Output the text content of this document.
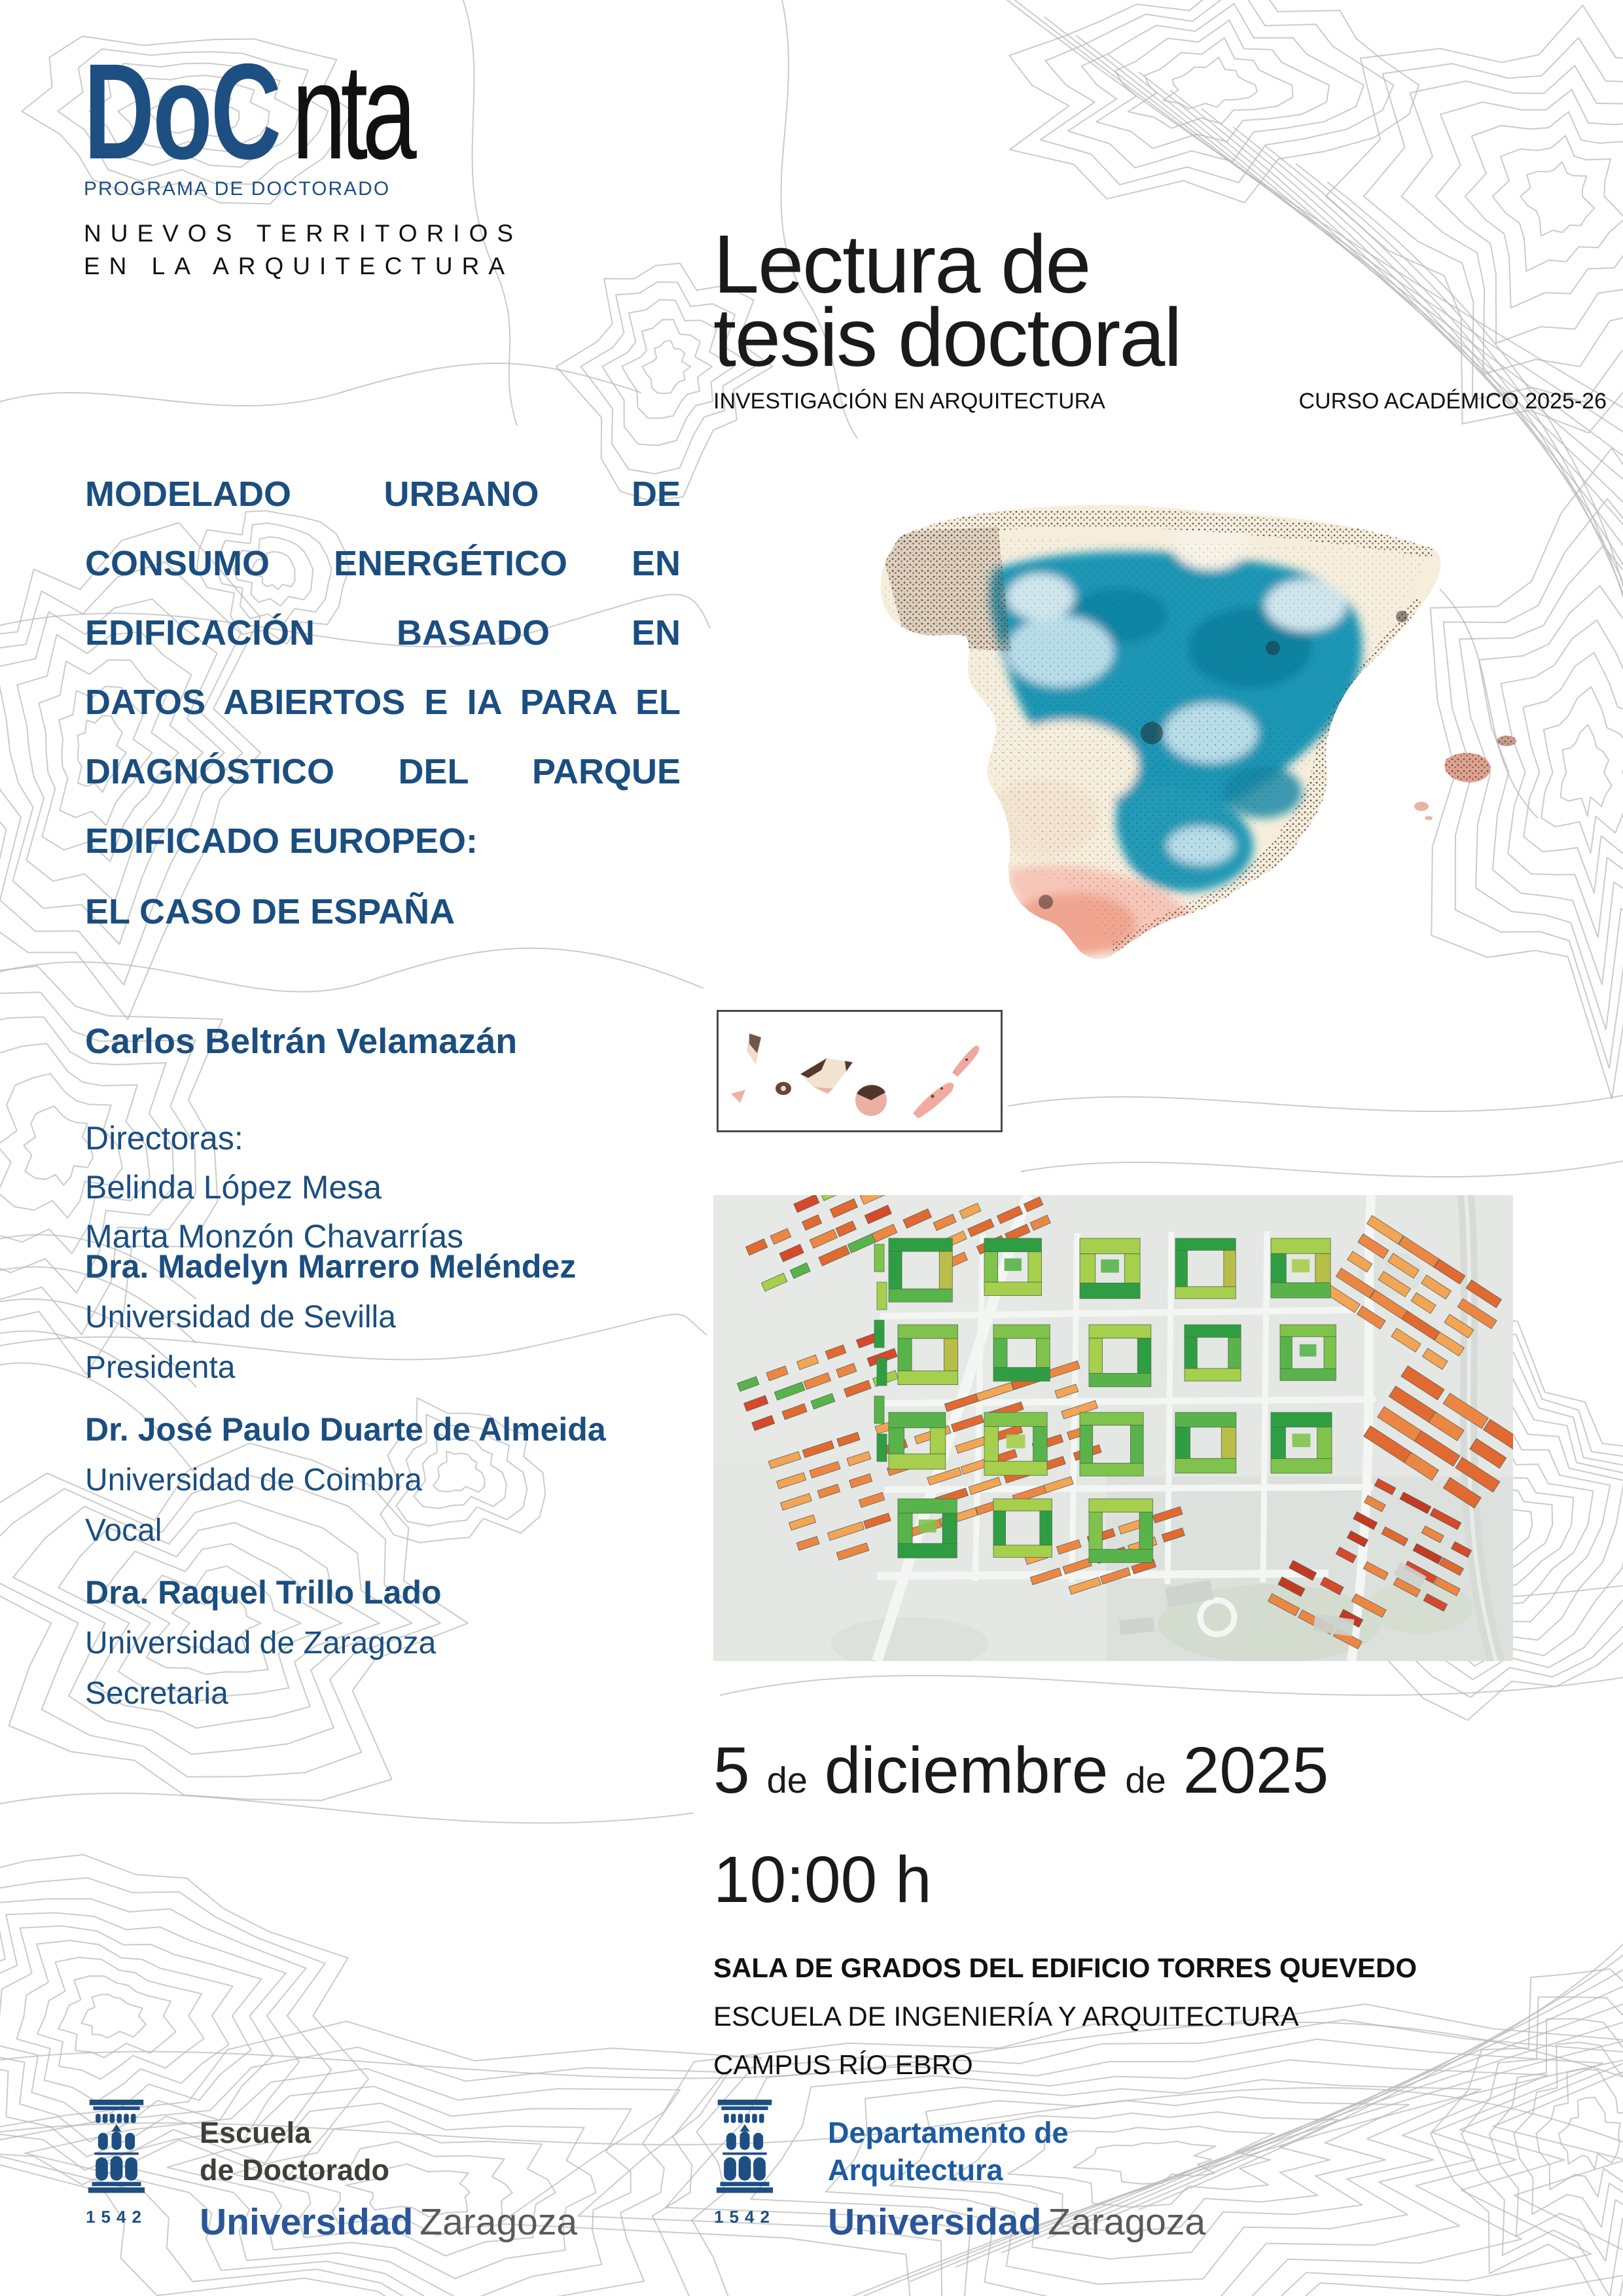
DoC nta
PROGRAMA DE DOCTORADO
NUEVOS TERRITORIOS
EN LA ARQUITECTURA Lectura de
tesis doctoral
INVESTIGACIÓN EN ARQUITECTURA	CURSO ACADÉMICO 2025-26
MODELADO URBANO DE
CONSUMO ENERGÉTICO EN
EDIFICACIÓN BASADO EN
DATOS ABIERTOS E IA PARA EL
DIAGNÓSTICO DEL PARQUE
EDIFICADO EUROPEO:
EL CASO DE ESPAÑA
Carlos Beltrán Velamazán
Directoras:
Belinda López Mesa
Marta Monzón Chavarrías
Dra. Madelyn Marrero Meléndez
Universidad de Sevilla
Presidenta
Dr. José Paulo Duarte de Almeida
Universidad de Coimbra
Vocal
Dra. Raquel Trillo Lado
Universidad de Zaragoza
Secretaria
5 de diciembre de 2025
10:00 h
SALA DE GRADOS DEL EDIFICIO TORRES QUEVEDO
ESCUELA DE INGENIERÍA Y ARQUITECTURA
CAMPUS RÍO EBRO
1542
Escuela
de Doctorado
Universidad Zaragoza	1542
Departamento de
Arquitectura
Universidad Zaragoza
